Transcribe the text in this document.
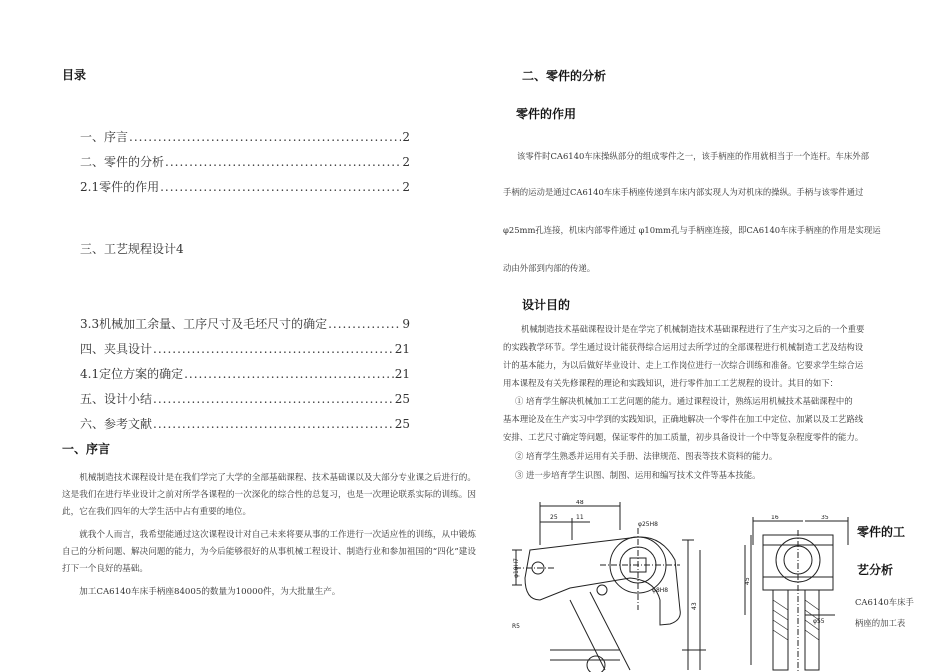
目录
一、序言 .....	2
二、零件的分析 .....	2
2.1零件的作用 .....	2
三、工艺规程设计4
3.3机械加工余量、工序尺寸及毛坯尺寸的确定 .....	9
四、夹具设计 .....	21
4.1定位方案的确定 .....	21
五、设计小结 .....	25
六、参考文献 .....	25
一、序言

机械制造技术课程设计是在我们学完了大学的全部基础课程、技术基础课以及大部分专业课之后进行的。这是我们在进行毕业设计之前对所学各课程的一次深化的综合性的总复习，也是一次理论联系实际的训练。因此，它在我们四年的大学生活中占有重要的地位。

就我个人而言，我希望能通过这次课程设计对自己未来将要从事的工作进行一次适应性的训练，从中锻炼自己的分析问题、解决问题的能力，为今后能够很好的从事机械工程设计、制造行业和参加祖国的“四化”建设打下一个良好的基础。

加工CA6140车床手柄座84005的数量为10000件，为大批量生产。

二、零件的分析
零件的作用
该零件时CA6140车床操纵部分的组成零件之一，该手柄座的作用就相当于一个连杆。车床外部
手柄的运动是通过CA6140车床手柄座传递到车床内部实现人为对机床的操纵。手柄与该零件通过
φ25mm孔连接，机床内部零件通过 φ10mm孔与手柄座连接，即CA6140车床手柄座的作用是实现运
动由外部到内部的传递。
设计目的
机械制造技术基础课程设计是在学完了机械制造技术基础课程进行了生产实习之后的一个重要
的实践教学环节。学生通过设计能获得综合运用过去所学过的全部课程进行机械制造工艺及结构设
计的基本能力，为以后做好毕业设计、走上工作岗位进行一次综合训练和准备。它要求学生综合运
用本课程及有关先修课程的理论和实践知识，进行零件加工工艺规程的设计。其目的如下：
① 培育学生解决机械加工工艺问题的能力。通过课程设计，熟练运用机械技术基础课程中的
基本理论及在生产实习中学到的实践知识，正确地解决一个零件在加工中定位、加紧以及工艺路线
安排、工艺尺寸确定等问题，保证零件的加工质量，初步具备设计一个中等复杂程度零件的能力。
② 培育学生熟悉并运用有关手册、法律规范、图表等技术资料的能力。
③ 进一步培育学生识图、制图、运用和编写技术文件等基本技能。
48
25	11
φ25H8
φ8H8
φ10H7
R5
43
16	35
45
φ55
零件的工
艺分析
CA6140车床手
柄座的加工表
